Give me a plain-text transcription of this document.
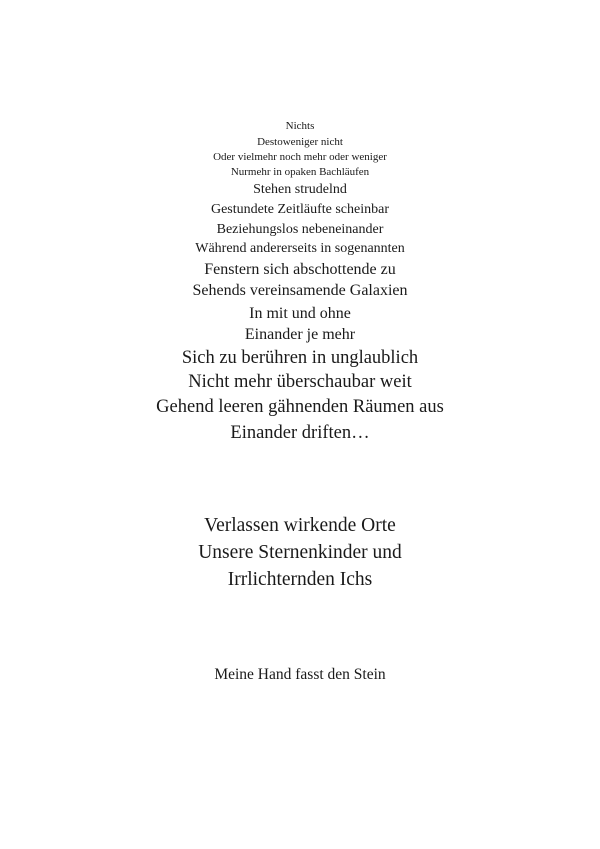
Nichts
Destoweniger nicht
Oder vielmehr noch mehr oder weniger
Nurmehr in opaken Bachläufen
Stehen strudelnd
Gestundete Zeitläufte scheinbar
Beziehungslos nebeneinander
Während andererseits in sogenannten
Fenstern sich abschottende zu
Sehends vereinsamende Galaxien
In mit und ohne
Einander je mehr
Sich zu berühren in unglaublich
Nicht mehr überschaubar weit
Gehend leeren gähnenden Räumen aus
Einander driften…
Verlassen wirkende Orte
Unsere Sternenkinder und
Irrlichternden Ichs
Meine Hand fasst den Stein
